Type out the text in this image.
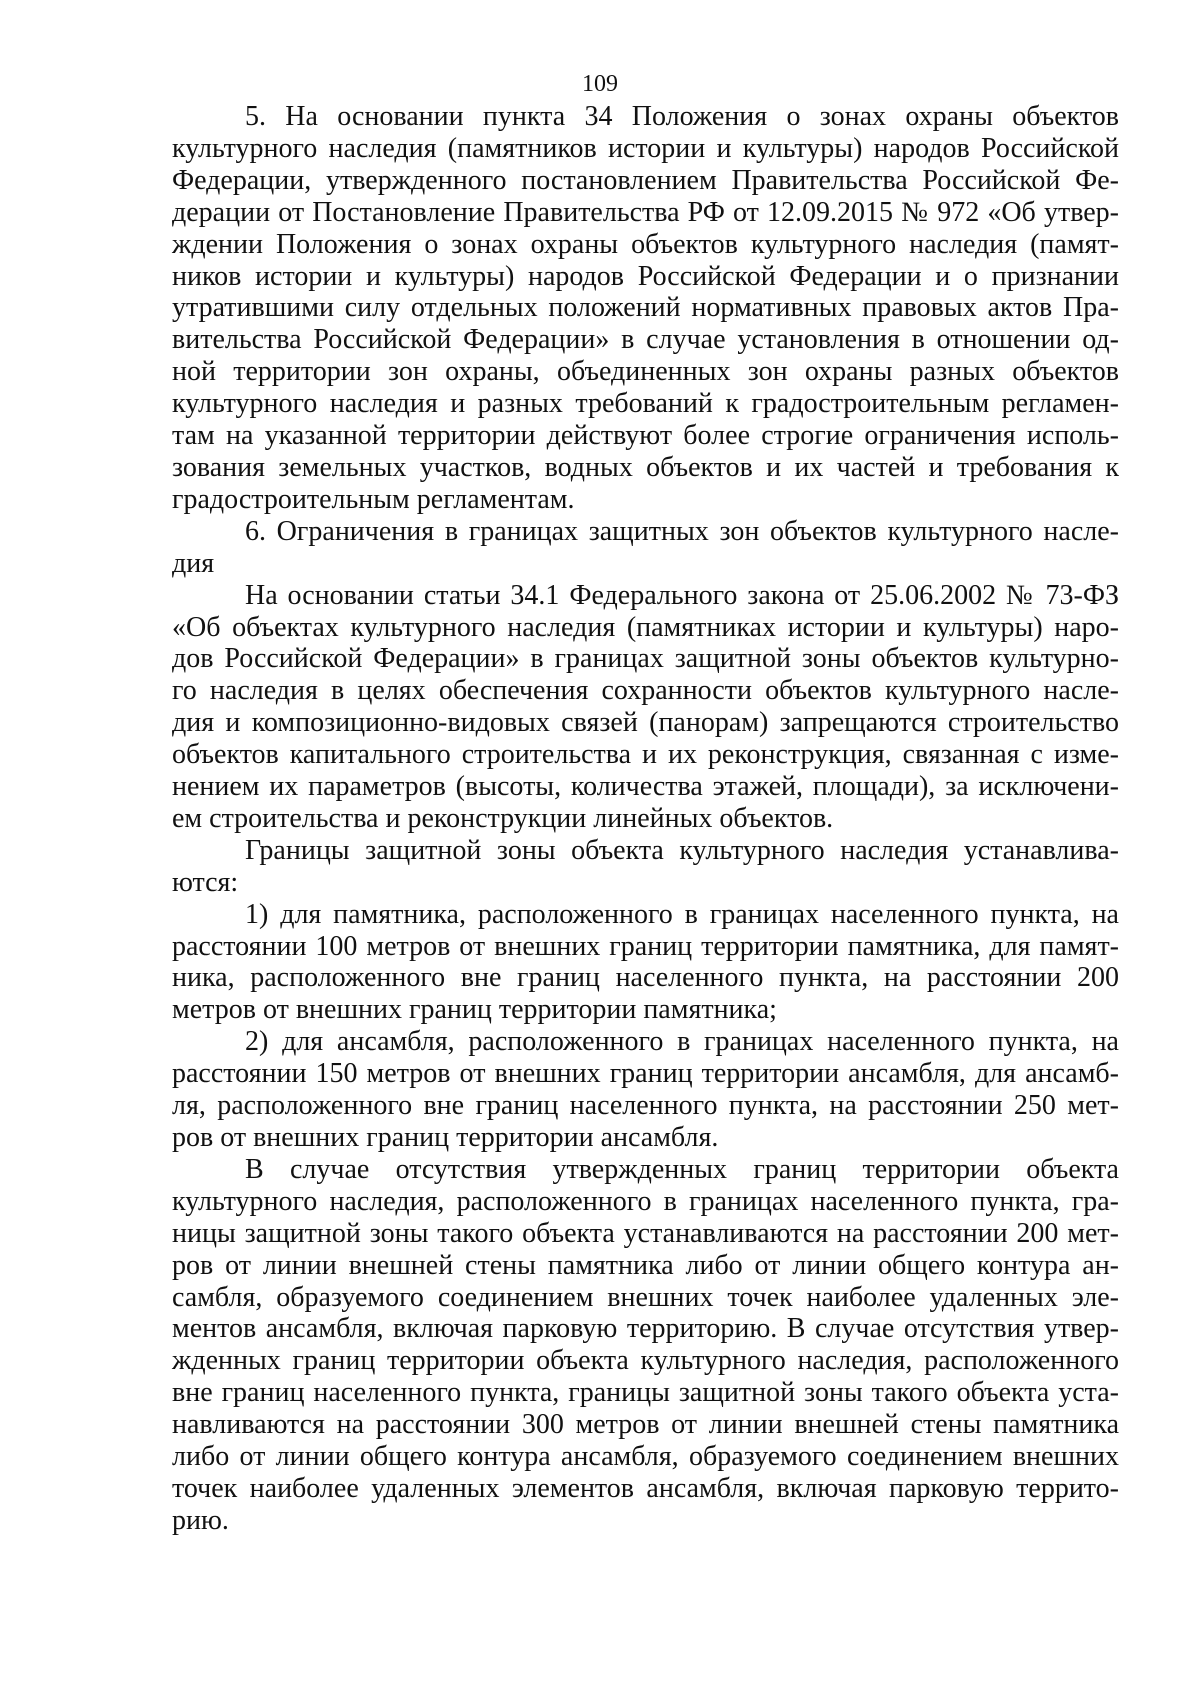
109
5. На основании пункта 34 Положения о зонах охраны объектов
культурного наследия (памятников истории и культуры) народов Российской
Федерации, утвержденного постановлением Правительства Российской Фе-
дерации от Постановление Правительства РФ от 12.09.2015 № 972 «Об утвер-
ждении Положения о зонах охраны объектов культурного наследия (памят-
ников истории и культуры) народов Российской Федерации и о признании
утратившими силу отдельных положений нормативных правовых актов Пра-
вительства Российской Федерации» в случае установления в отношении од-
ной территории зон охраны, объединенных зон охраны разных объектов
культурного наследия и разных требований к градостроительным регламен-
там на указанной территории действуют более строгие ограничения исполь-
зования земельных участков, водных объектов и их частей и требования к
градостроительным регламентам.
6. Ограничения в границах защитных зон объектов культурного насле-
дия
На основании статьи 34.1 Федерального закона от 25.06.2002 № 73-ФЗ
«Об объектах культурного наследия (памятниках истории и культуры) наро-
дов Российской Федерации» в границах защитной зоны объектов культурно-
го наследия в целях обеспечения сохранности объектов культурного насле-
дия и композиционно-видовых связей (панорам) запрещаются строительство
объектов капитального строительства и их реконструкция, связанная с изме-
нением их параметров (высоты, количества этажей, площади), за исключени-
ем строительства и реконструкции линейных объектов.
Границы защитной зоны объекта культурного наследия устанавлива-
ются:
1) для памятника, расположенного в границах населенного пункта, на
расстоянии 100 метров от внешних границ территории памятника, для памят-
ника, расположенного вне границ населенного пункта, на расстоянии 200
метров от внешних границ территории памятника;
2) для ансамбля, расположенного в границах населенного пункта, на
расстоянии 150 метров от внешних границ территории ансамбля, для ансамб-
ля, расположенного вне границ населенного пункта, на расстоянии 250 мет-
ров от внешних границ территории ансамбля.
В случае отсутствия утвержденных границ территории объекта
культурного наследия, расположенного в границах населенного пункта, гра-
ницы защитной зоны такого объекта устанавливаются на расстоянии 200 мет-
ров от линии внешней стены памятника либо от линии общего контура ан-
самбля, образуемого соединением внешних точек наиболее удаленных эле-
ментов ансамбля, включая парковую территорию. В случае отсутствия утвер-
жденных границ территории объекта культурного наследия, расположенного
вне границ населенного пункта, границы защитной зоны такого объекта уста-
навливаются на расстоянии 300 метров от линии внешней стены памятника
либо от линии общего контура ансамбля, образуемого соединением внешних
точек наиболее удаленных элементов ансамбля, включая парковую террито-
рию.
